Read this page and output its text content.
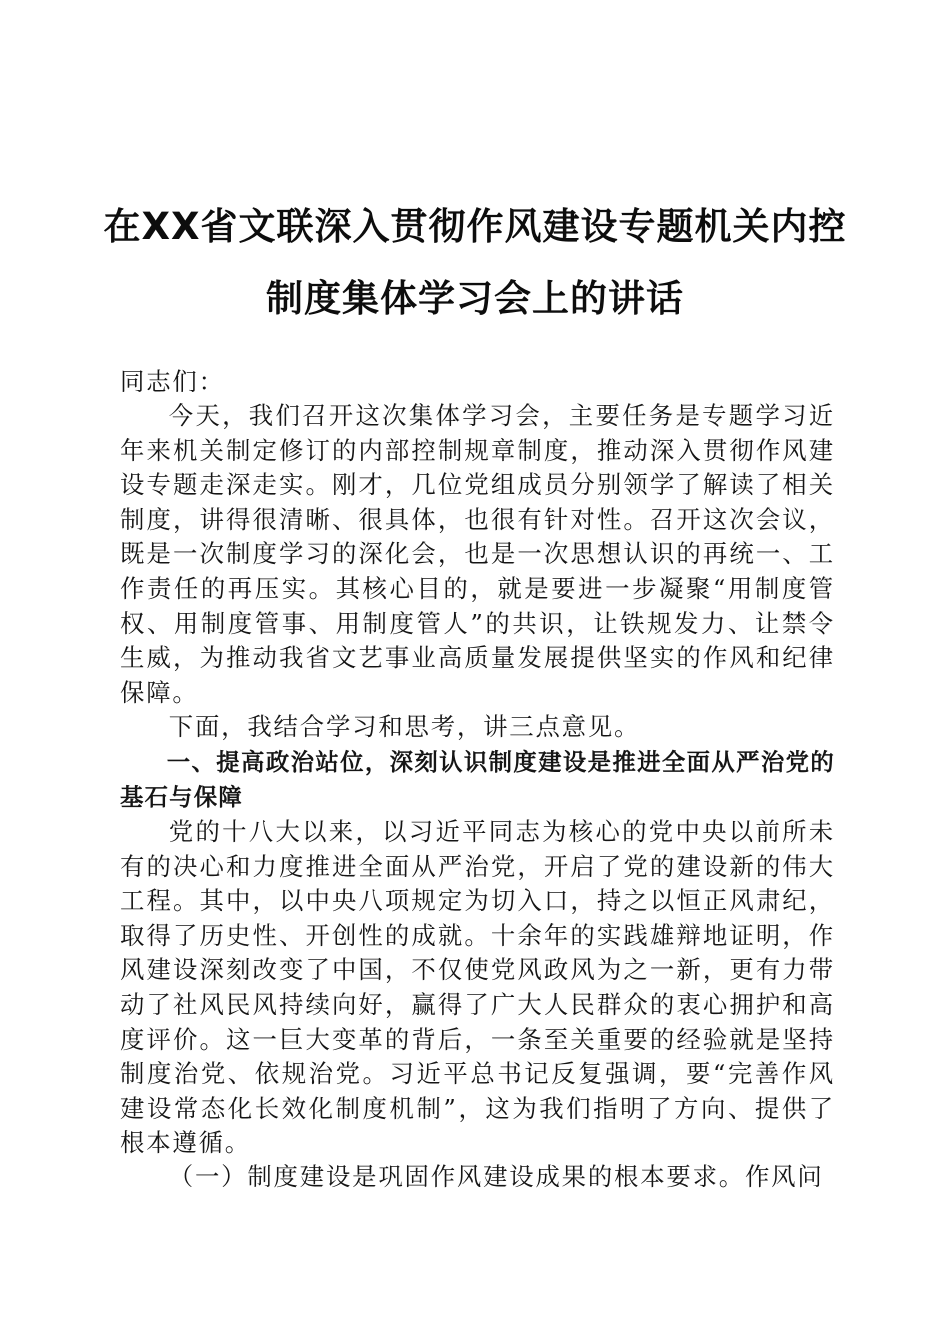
在XX省文联深入贯彻作风建设专题机关内控
制度集体学习会上的讲话
同志们：
今天，我们召开这次集体学习会，主要任务是专题学习近年来机关制定修订的内部控制规章制度，推动深入贯彻作风建设专题走深走实。刚才，几位党组成员分别领学了解读了相关制度，讲得很清晰、很具体，也很有针对性。召开这次会议，既是一次制度学习的深化会，也是一次思想认识的再统一、工作责任的再压实。其核心目的，就是要进一步凝聚“用制度管权、用制度管事、用制度管人”的共识，让铁规发力、让禁令生威，为推动我省文艺事业高质量发展提供坚实的作风和纪律保障。
下面，我结合学习和思考，讲三点意见。
一、提高政治站位，深刻认识制度建设是推进全面从严治党的基石与保障
党的十八大以来，以习近平同志为核心的党中央以前所未有的决心和力度推进全面从严治党，开启了党的建设新的伟大工程。其中，以中央八项规定为切入口，持之以恒正风肃纪，取得了历史性、开创性的成就。十余年的实践雄辩地证明，作风建设深刻改变了中国，不仅使党风政风为之一新，更有力带动了社风民风持续向好，赢得了广大人民群众的衷心拥护和高度评价。这一巨大变革的背后，一条至关重要的经验就是坚持制度治党、依规治党。习近平总书记反复强调，要“完善作风建设常态化长效化制度机制”，这为我们指明了方向、提供了根本遵循。
（一）制度建设是巩固作风建设成果的根本要求。作风问
